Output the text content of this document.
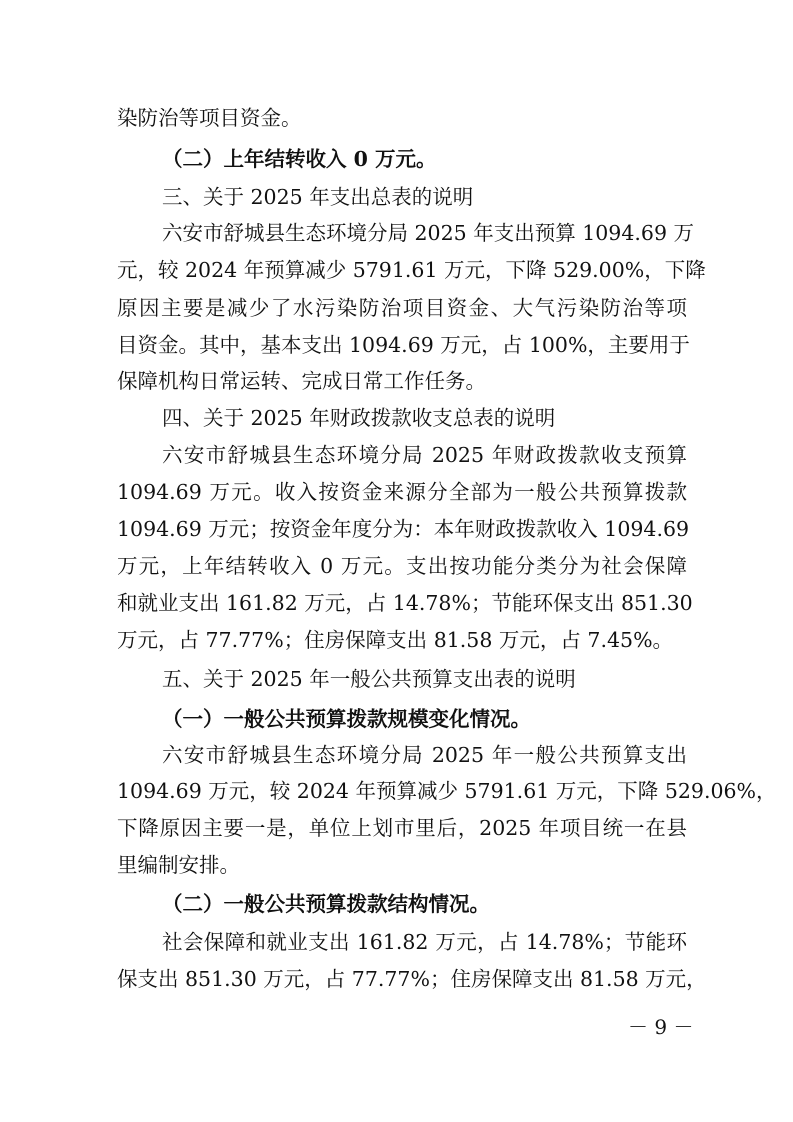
染防治等项目资金。
（二）上年结转收入 0 万元。
三、关于 2025 年支出总表的说明
六安市舒城县生态环境分局 2025 年支出预算 1094.69 万
元，较 2024 年预算减少 5791.61 万元，下降 529.00%，下降
原因主要是减少了水污染防治项目资金、大气污染防治等项
目资金。其中，基本支出 1094.69 万元，占 100%，主要用于
保障机构日常运转、完成日常工作任务。
四、关于 2025 年财政拨款收支总表的说明
六安市舒城县生态环境分局 2025 年财政拨款收支预算
1094.69 万元。收入按资金来源分全部为一般公共预算拨款
1094.69 万元；按资金年度分为：本年财政拨款收入 1094.69
万元，上年结转收入 0 万元。支出按功能分类分为社会保障
和就业支出 161.82 万元，占 14.78%；节能环保支出 851.30
万元，占 77.77%；住房保障支出 81.58 万元，占 7.45%。
五、关于 2025 年一般公共预算支出表的说明
（一）一般公共预算拨款规模变化情况。
六安市舒城县生态环境分局 2025 年一般公共预算支出
1094.69 万元，较 2024 年预算减少 5791.61 万元，下降 529.06%，
下降原因主要一是，单位上划市里后，2025 年项目统一在县
里编制安排。
（二）一般公共预算拨款结构情况。
社会保障和就业支出 161.82 万元，占 14.78%；节能环
保支出 851.30 万元，占 77.77%；住房保障支出 81.58 万元，
－ 9 －
